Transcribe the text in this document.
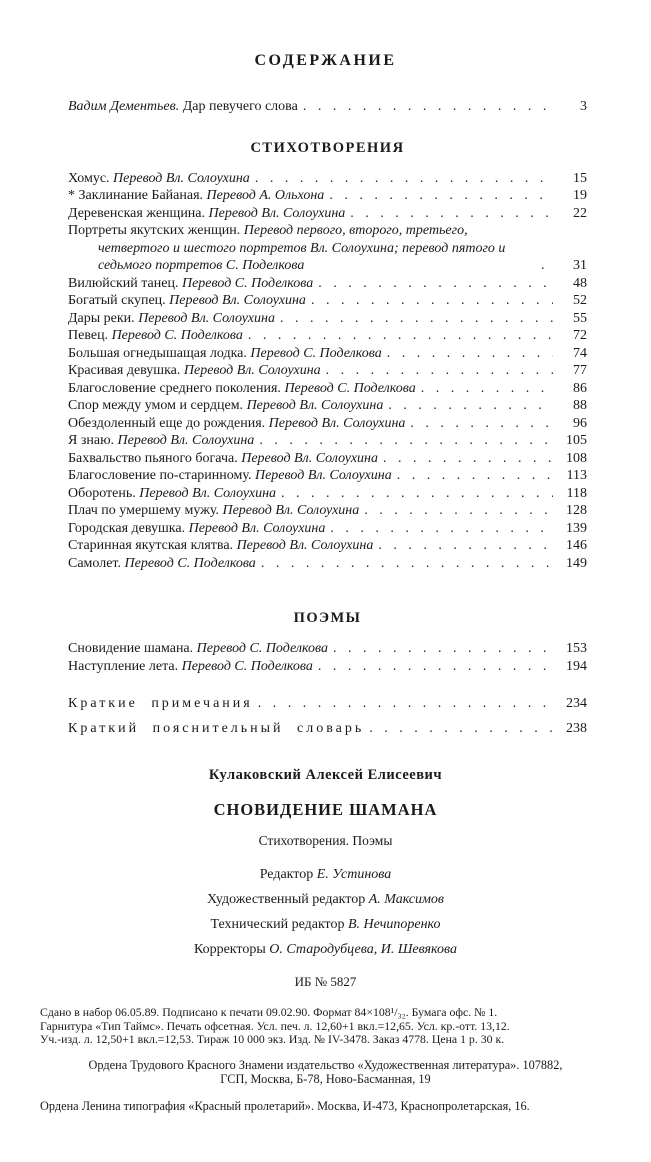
СОДЕРЖАНИЕ
Вадим Дементьев. Дар певучего слова . . .	3
СТИХОТВОРЕНИЯ
Хомус. Перевод Вл. Солоухина . . .	15
* Заклинание Байаная. Перевод А. Ольхона . . .	19
Деревенская женщина. Перевод Вл. Солоухина . . .	22
Портреты якутских женщин. Перевод первого, второго, третьего, четвертого и шестого портретов Вл. Солоухина; перевод пятого и седьмого портретов С. Поделкова . . .	31
Вилюйский танец. Перевод С. Поделкова . . .	48
Богатый скупец. Перевод Вл. Солоухина . . .	52
Дары реки. Перевод Вл. Солоухина . . .	55
Певец. Перевод С. Поделкова . . .	72
Большая огнедышащая лодка. Перевод С. Поделкова . . .	74
Красивая девушка. Перевод Вл. Солоухина . . .	77
Благословение среднего поколения. Перевод С. Поделкова . . .	86
Спор между умом и сердцем. Перевод Вл. Солоухина . . .	88
Обездоленный еще до рождения. Перевод Вл. Солоухина . . .	96
Я знаю. Перевод Вл. Солоухина . . .	105
Бахвальство пьяного богача. Перевод Вл. Солоухина . . .	108
Благословение по-старинному. Перевод Вл. Солоухина . . .	113
Оборотень. Перевод Вл. Солоухина . . .	118
Плач по умершему мужу. Перевод Вл. Солоухина . . .	128
Городская девушка. Перевод Вл. Солоухина . . .	139
Старинная якутская клятва. Перевод Вл. Солоухина . . .	146
Самолет. Перевод С. Поделкова . . .	149
ПОЭМЫ
Сновидение шамана. Перевод С. Поделкова . . .	153
Наступление лета. Перевод С. Поделкова . . .	194
Краткие примечания . . .	234
Краткий пояснительный словарь . . .	238

Кулаковский Алексей Елисеевич

СНОВИДЕНИЕ ШАМАНА

Стихотворения. Поэмы

Редактор Е. Устинова

Художественный редактор А. Максимов

Технический редактор В. Нечипоренко

Корректоры О. Стародубцева, И. Шевякова

ИБ № 5827

Сдано в набор 06.05.89. Подписано к печати 09.02.90. Формат 84×108¹/₃₂. Бумага офс. № 1.
Гарнитура «Тип Таймс». Печать офсетная. Усл. печ. л. 12,60+1 вкл.=12,65. Усл. кр.-отт. 13,12.
Уч.-изд. л. 12,50+1 вкл.=12,53. Тираж 10 000 экз. Изд. № IV-3478. Заказ 4778. Цена 1 р. 30 к.
Ордена Трудового Красного Знамени издательство «Художественная литература». 107882,
ГСП, Москва, Б-78, Ново-Басманная, 19

Ордена Ленина типография «Красный пролетарий». Москва, И-473, Краснопролетарская, 16.
